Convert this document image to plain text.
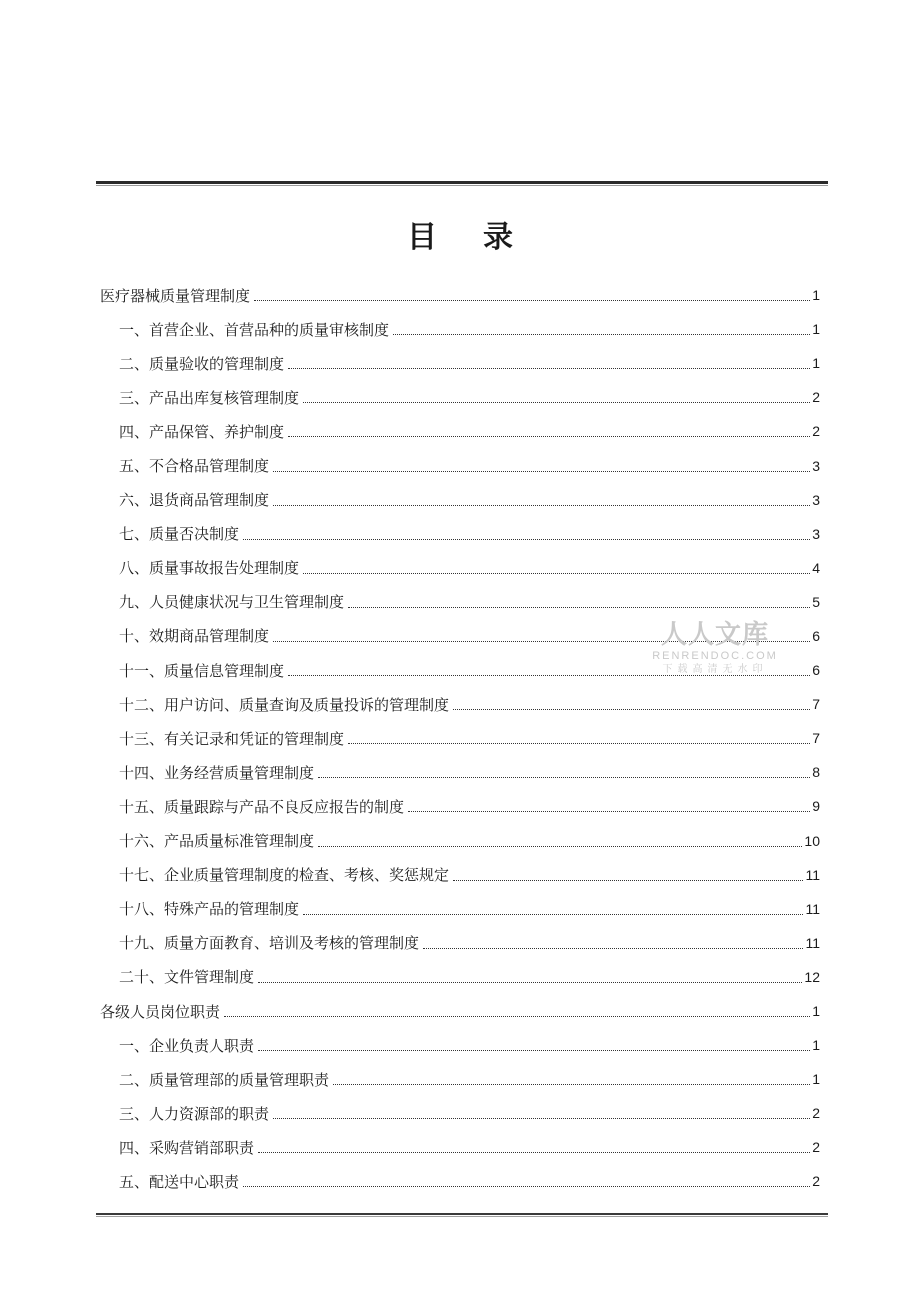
目 录
医疗器械质量管理制度	1
一、首营企业、首营品种的质量审核制度	1
二、质量验收的管理制度	1
三、产品出库复核管理制度	2
四、产品保管、养护制度	2
五、不合格品管理制度	3
六、退货商品管理制度	3
七、质量否决制度	3
八、质量事故报告处理制度	4
九、人员健康状况与卫生管理制度	5
十、效期商品管理制度	6
十一、质量信息管理制度	6
十二、用户访问、质量查询及质量投诉的管理制度	7
十三、有关记录和凭证的管理制度	7
十四、业务经营质量管理制度	8
十五、质量跟踪与产品不良反应报告的制度	9
十六、产品质量标准管理制度	10
十七、企业质量管理制度的检查、考核、奖惩规定	11
十八、特殊产品的管理制度	11
十九、质量方面教育、培训及考核的管理制度	11
二十、文件管理制度	12
各级人员岗位职责	1
一、企业负责人职责	1
二、质量管理部的质量管理职责	1
三、人力资源部的职责	2
四、采购营销部职责	2
五、配送中心职责	2
人人文库
RENRENDOC.COM
下载高清无水印
